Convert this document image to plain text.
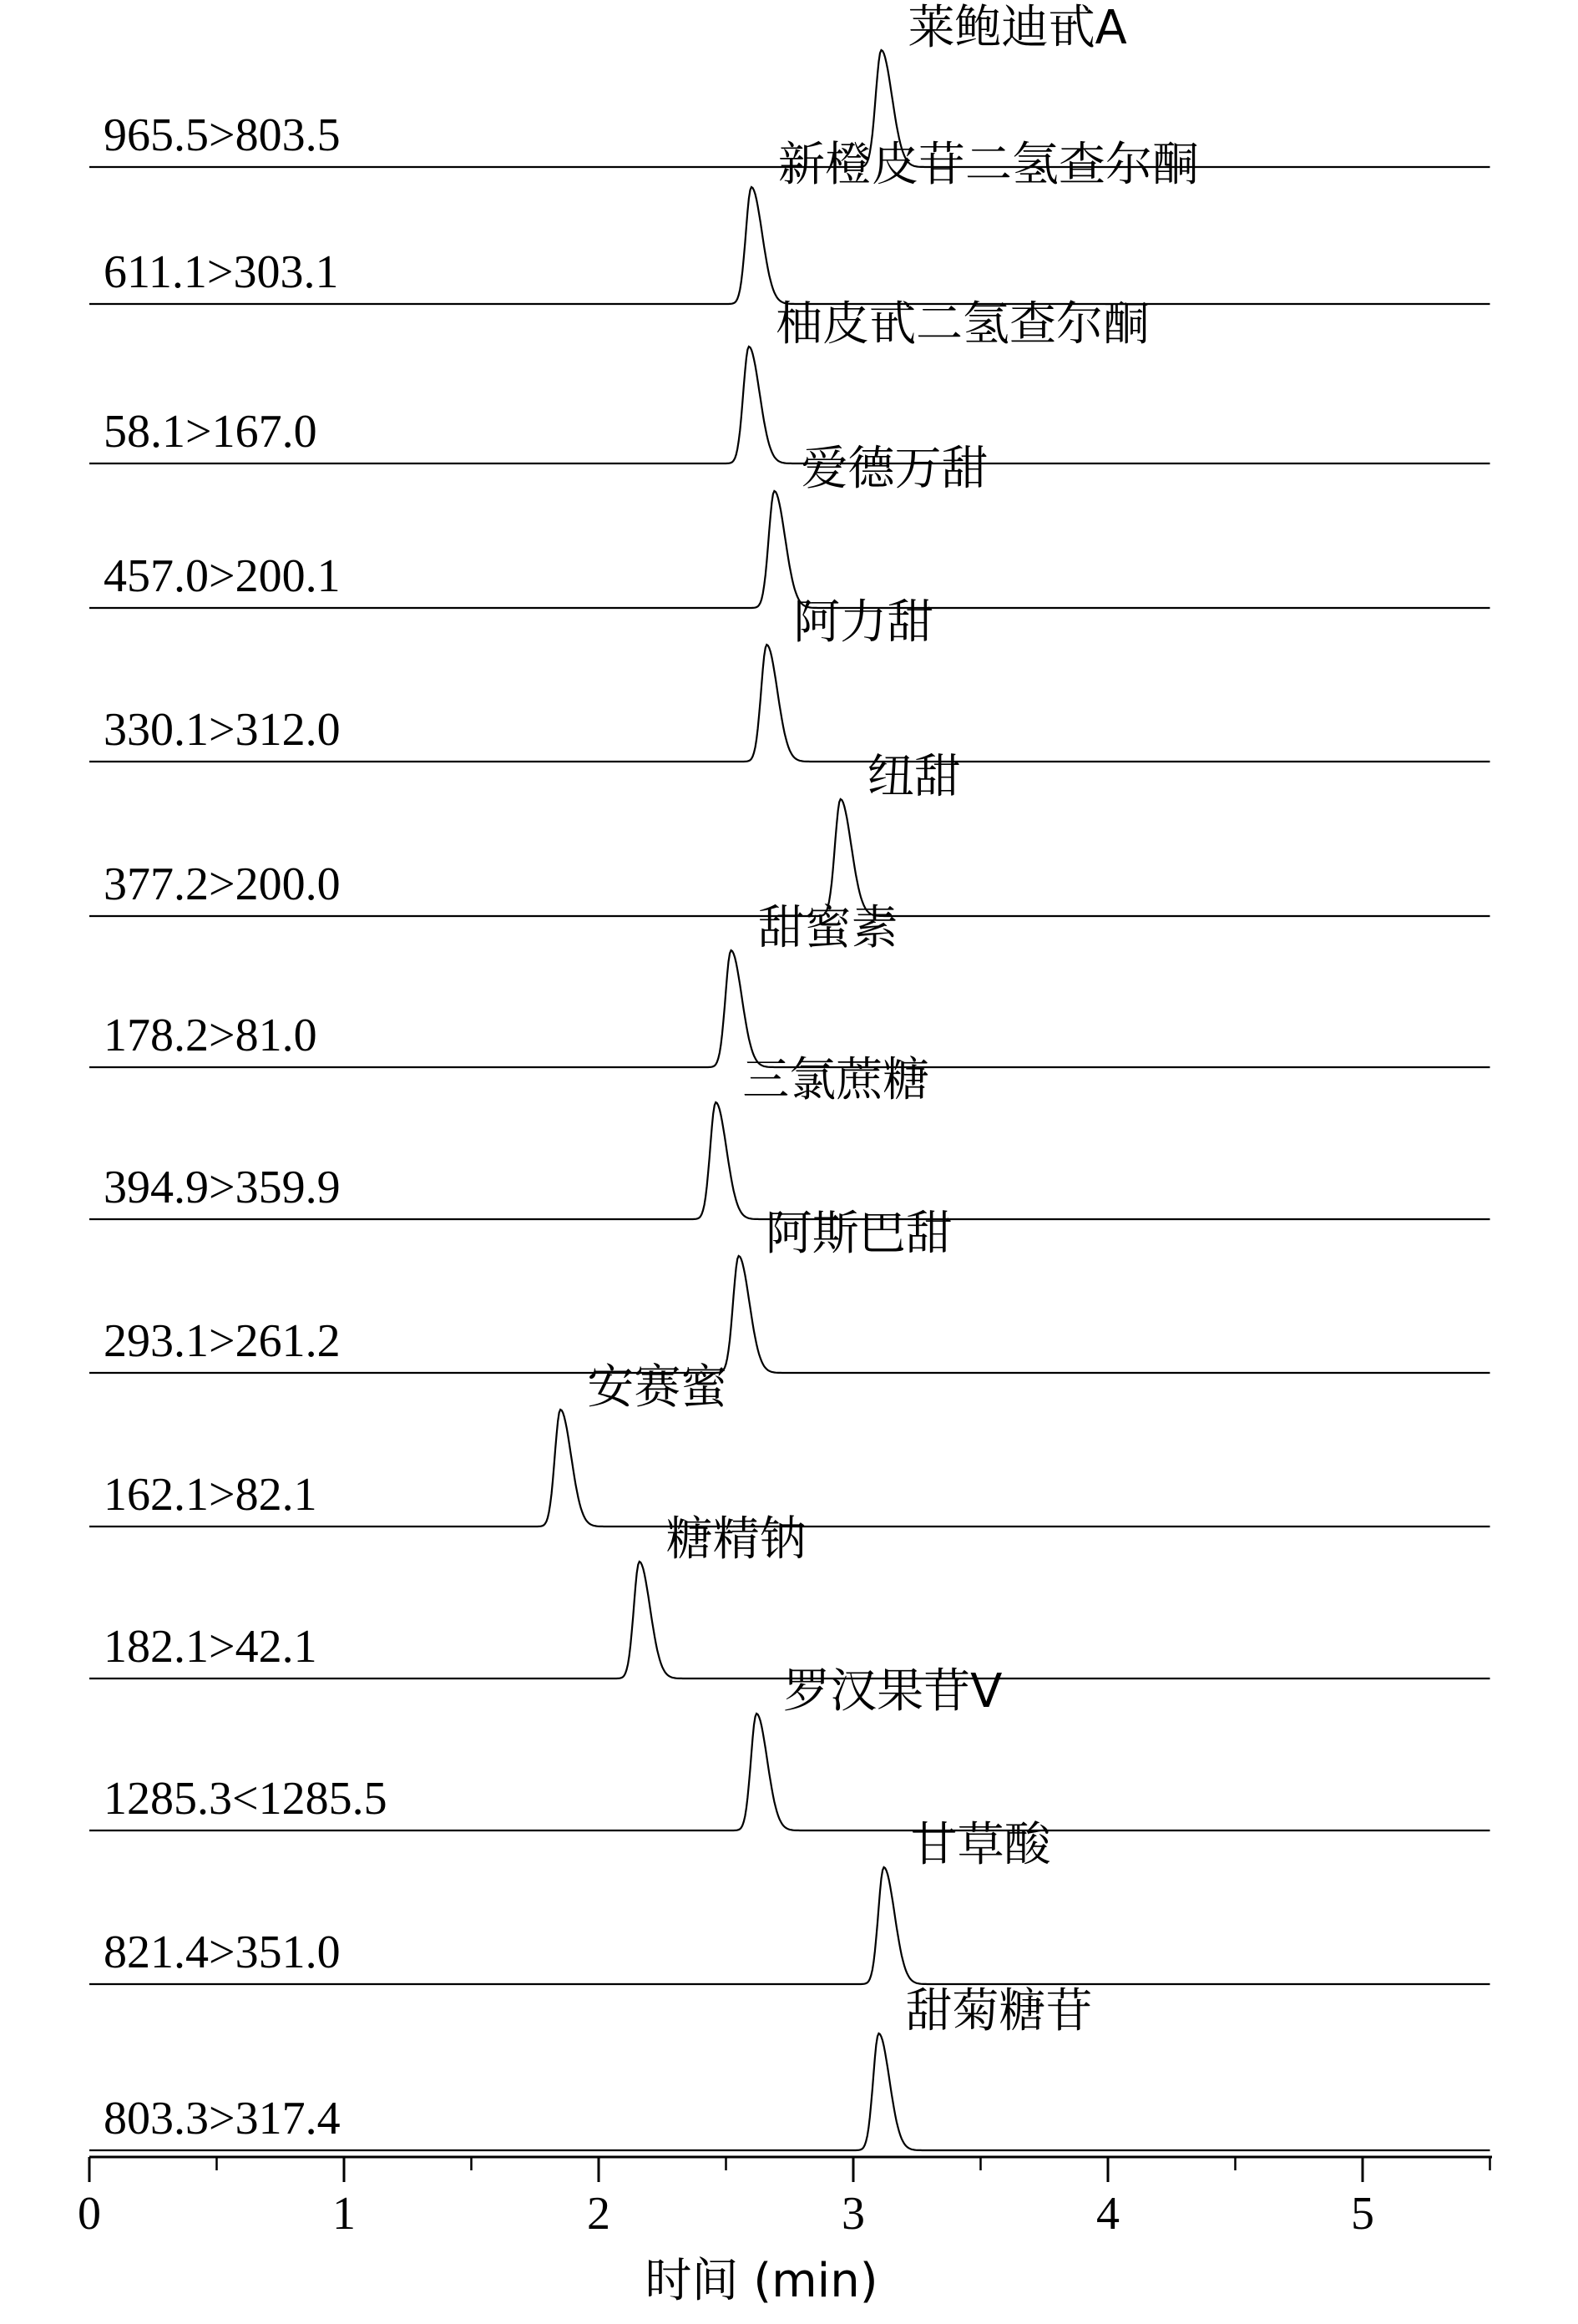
965.5>803.5
莱鲍迪甙A
611.1>303.1
新橙皮苷二氢查尔酮
58.1>167.0
柚皮甙二氢查尔酮
457.0>200.1
爱德万甜
330.1>312.0
阿力甜
377.2>200.0
纽甜
178.2>81.0
甜蜜素
394.9>359.9
三氯蔗糖
293.1>261.2
阿斯巴甜
162.1>82.1
安赛蜜
182.1>42.1
糖精钠
1285.3<1285.5
罗汉果苷V
821.4>351.0
甘草酸
803.3>317.4
甜菊糖苷
0	1	2	3	4	5
时间 (min)
